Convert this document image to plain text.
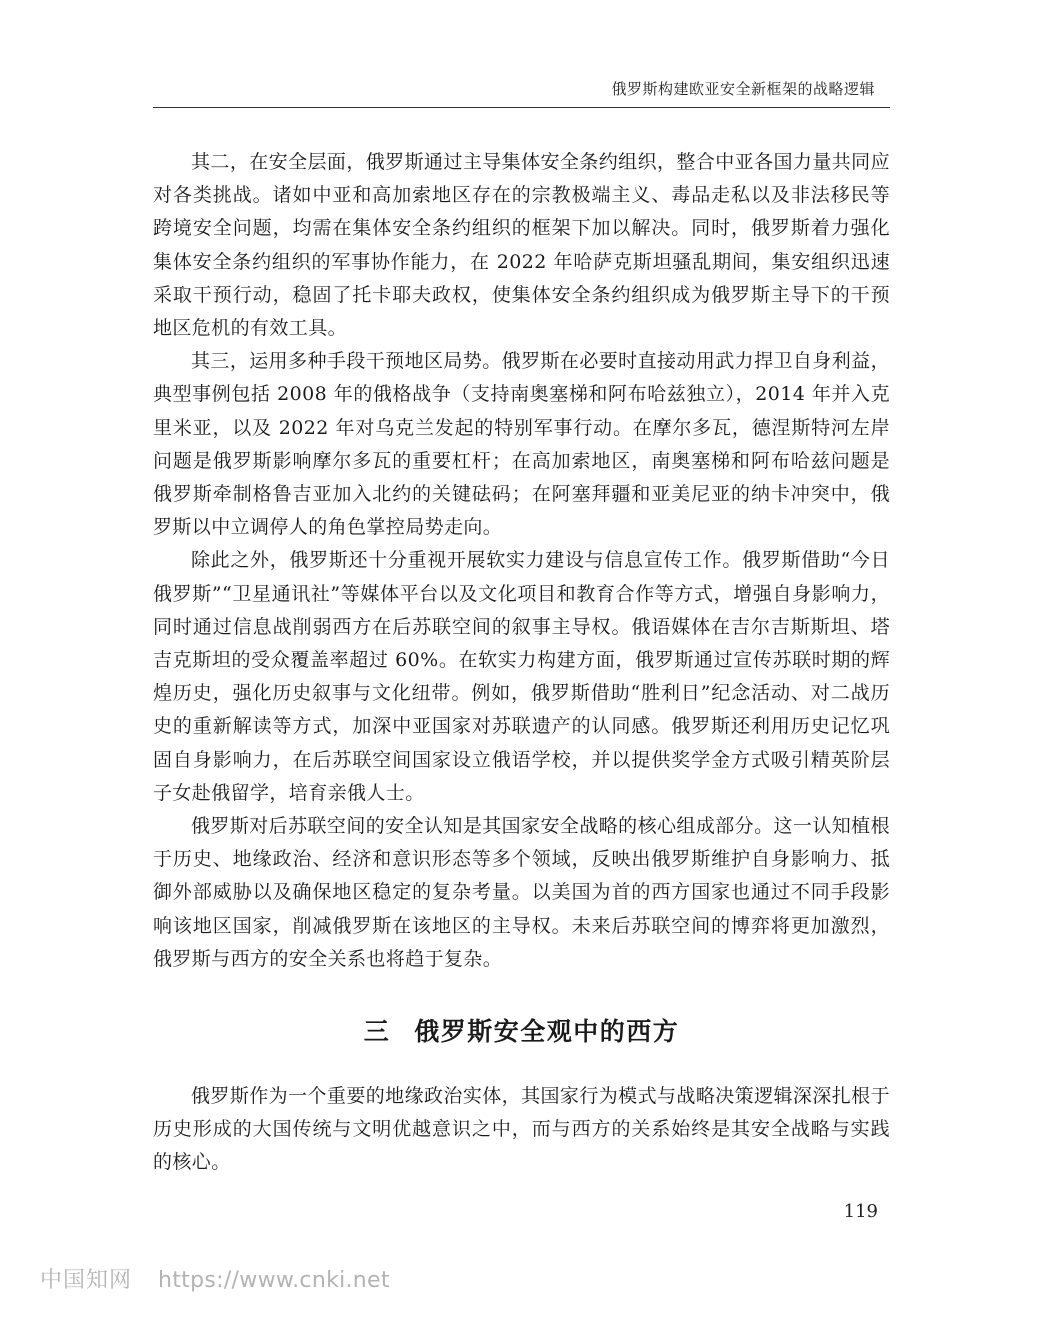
俄罗斯构建欧亚安全新框架的战略逻辑

其二，在安全层面，俄罗斯通过主导集体安全条约组织，整合中亚各国力量共同应对各类挑战。诸如中亚和高加索地区存在的宗教极端主义、毒品走私以及非法移民等跨境安全问题，均需在集体安全条约组织的框架下加以解决。同时，俄罗斯着力强化集体安全条约组织的军事协作能力，在 2022 年哈萨克斯坦骚乱期间，集安组织迅速采取干预行动，稳固了托卡耶夫政权，使集体安全条约组织成为俄罗斯主导下的干预地区危机的有效工具。

其三，运用多种手段干预地区局势。俄罗斯在必要时直接动用武力捍卫自身利益，典型事例包括 2008 年的俄格战争（支持南奥塞梯和阿布哈兹独立），2014 年并入克里米亚，以及 2022 年对乌克兰发起的特别军事行动。在摩尔多瓦，德涅斯特河左岸问题是俄罗斯影响摩尔多瓦的重要杠杆；在高加索地区，南奥塞梯和阿布哈兹问题是俄罗斯牵制格鲁吉亚加入北约的关键砝码；在阿塞拜疆和亚美尼亚的纳卡冲突中，俄罗斯以中立调停人的角色掌控局势走向。

除此之外，俄罗斯还十分重视开展软实力建设与信息宣传工作。俄罗斯借助“今日俄罗斯”“卫星通讯社”等媒体平台以及文化项目和教育合作等方式，增强自身影响力，同时通过信息战削弱西方在后苏联空间的叙事主导权。俄语媒体在吉尔吉斯斯坦、塔吉克斯坦的受众覆盖率超过 60%。在软实力构建方面，俄罗斯通过宣传苏联时期的辉煌历史，强化历史叙事与文化纽带。例如，俄罗斯借助“胜利日”纪念活动、对二战历史的重新解读等方式，加深中亚国家对苏联遗产的认同感。俄罗斯还利用历史记忆巩固自身影响力，在后苏联空间国家设立俄语学校，并以提供奖学金方式吸引精英阶层子女赴俄留学，培育亲俄人士。

俄罗斯对后苏联空间的安全认知是其国家安全战略的核心组成部分。这一认知植根于历史、地缘政治、经济和意识形态等多个领域，反映出俄罗斯维护自身影响力、抵御外部威胁以及确保地区稳定的复杂考量。以美国为首的西方国家也通过不同手段影响该地区国家，削减俄罗斯在该地区的主导权。未来后苏联空间的博弈将更加激烈，俄罗斯与西方的安全关系也将趋于复杂。

三 俄罗斯安全观中的西方

俄罗斯作为一个重要的地缘政治实体，其国家行为模式与战略决策逻辑深深扎根于历史形成的大国传统与文明优越意识之中，而与西方的关系始终是其安全战略与实践的核心。

119
中国知网 https://www.cnki.net
